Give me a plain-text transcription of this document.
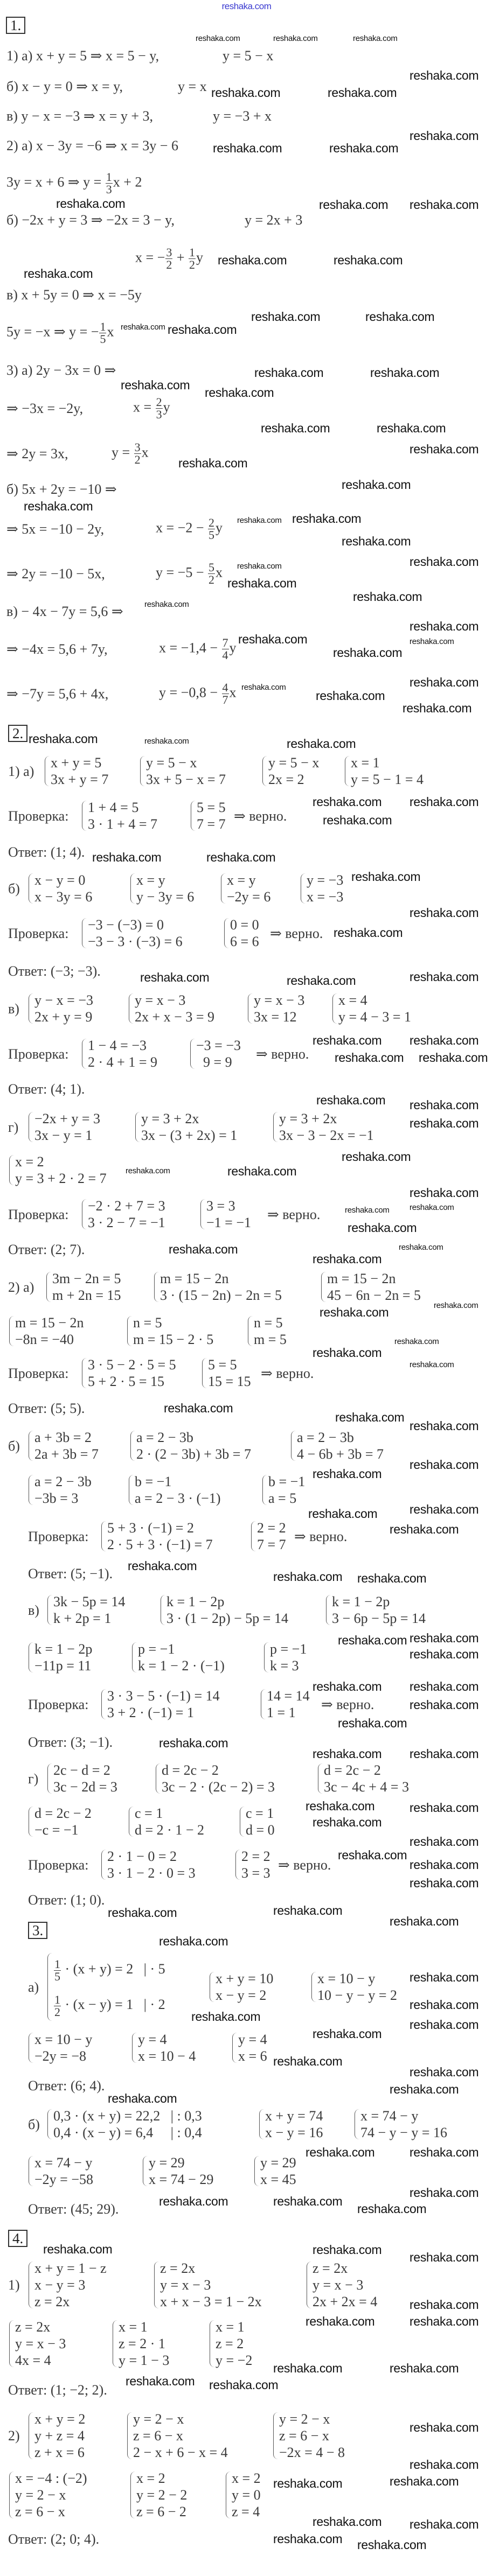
reshaka.com
1.
1) а) x + y = 5 ⇒ x = 5 − y,	y = 5 − x
б) x − y = 0 ⇒ x = y,	y = x
в) y − x = −3 ⇒ x = y + 3,	y = −3 + x
2) а) x − 3y = −6 ⇒ x = 3y − 6
3y = x + 6 ⇒ $y = \frac{1}{3}$ x + 2
б) −2x + y = 3 ⇒ −2x = 3 − y,	y = 2x + 3
x = − $\frac{3}{2} + \frac{1}{2}$ y
в) x + 5y = 0 ⇒ x = −5y
5y = −x ⇒ y = − $\frac{1}{5}$ x
3) а) 2y − 3x = 0 ⇒
⇒ −3x = −2y,	$x = \frac{2}{3}$ y
⇒ 2y = 3x,	$y = \frac{3}{2}$ x
б) 5x + 2y = −10 ⇒
⇒ 5x = −10 − 2y,	$x = -2 - \frac{2}{5}$ y
⇒ 2y = −10 − 5x,	$y = -5 - \frac{5}{2}$ x
в) − 4x − 7y = 5,6 ⇒
⇒ −4x = 5,6 + 7y,	$x = -1,4 - \frac{7}{4}$ y
⇒ −7y = 5,6 + 4x,	$y = -0,8 - \frac{4}{7}$ x
2.
1) а)
x + y = 5
3x + y = 7
y = 5 − x
3x + 5 − x = 7
y = 5 − x
2x = 2
x = 1
y = 5 − 1 = 4
Проверка:
1 + 4 = 5
3 · 1 + 4 = 7
5 = 5
7 = 7
⇒ верно.
Ответ: (1; 4).
б)
x − y = 0
x − 3y = 6
x = y
y − 3y = 6
x = y
−2y = 6
y = −3
x = −3
Проверка:
−3 − (−3) = 0
−3 − 3 · (−3) = 6
0 = 0
6 = 6
⇒ верно.
Ответ: (−3; −3).
в)
y − x = −3
2x + y = 9
y = x − 3
2x + x − 3 = 9
y = x − 3
3x = 12
x = 4
y = 4 − 3 = 1
Проверка:
1 − 4 = −3
2 · 4 + 1 = 9
−3 = −3
9 = 9
⇒ верно.
Ответ: (4; 1).
г)
−2x + y = 3
3x − y = 1
y = 3 + 2x
3x − (3 + 2x) = 1
y = 3 + 2x
3x − 3 − 2x = −1
x = 2
y = 3 + 2 · 2 = 7
Проверка:
−2 · 2 + 7 = 3
3 · 2 − 7 = −1
3 = 3
−1 = −1
⇒ верно.
Ответ: (2; 7).
2) а)
3m − 2n = 5
m + 2n = 15
m = 15 − 2n
3 · (15 − 2n) − 2n = 5
m = 15 − 2n
45 − 6n − 2n = 5
m = 15 − 2n
−8n = −40
n = 5
m = 15 − 2 · 5
n = 5
m = 5
Проверка:
3 · 5 − 2 · 5 = 5
5 + 2 · 5 = 15
5 = 5
15 = 15
⇒ верно.
Ответ: (5; 5).
б)
a + 3b = 2
2a + 3b = 7
a = 2 − 3b
2 · (2 − 3b) + 3b = 7
a = 2 − 3b
4 − 6b + 3b = 7
a = 2 − 3b
−3b = 3
b = −1
a = 2 − 3 · (−1)
b = −1
a = 5
Проверка:
5 + 3 · (−1) = 2
2 · 5 + 3 · (−1) = 7
2 = 2
7 = 7
⇒ верно.
Ответ: (5; −1).
в)
3k − 5p = 14
k + 2p = 1
k = 1 − 2p
3 · (1 − 2p) − 5p = 14
k = 1 − 2p
3 − 6p − 5p = 14
k = 1 − 2p
−11p = 11
p = −1
k = 1 − 2 · (−1)
p = −1
k = 3
Проверка:
3 · 3 − 5 · (−1) = 14
3 + 2 · (−1) = 1
14 = 14
1 = 1
⇒ верно.
Ответ: (3; −1).
г)
2c − d = 2
3c − 2d = 3
d = 2c − 2
3c − 2 · (2c − 2) = 3
d = 2c − 2
3c − 4c + 4 = 3
d = 2c − 2
−c = −1
c = 1
d = 2 · 1 − 2
c = 1
d = 0
Проверка:
2 · 1 − 0 = 2
3 · 1 − 2 · 0 = 3
2 = 2
3 = 3
⇒ верно.
Ответ: (1; 0).
3.
а)
$\frac{1}{5} \cdot (x + y) = 2$   | · 5
$\frac{1}{2} \cdot (x - y) = 1$   | · 2
x + y = 10
x − y = 2
x = 10 − y
10 − y − y = 2
x = 10 − y
−2y = −8
y = 4
x = 10 − 4
y = 4
x = 6
Ответ: (6; 4).
б)
0,3 · (x + y) = 22,2   | : 0,3
0,4 · (x − y) = 6,4     | : 0,4
x + y = 74
x − y = 16
x = 74 − y
74 − y − y = 16
x = 74 − y
−2y = −58
y = 29
x = 74 − 29
y = 29
x = 45
Ответ: (45; 29).
4.
1)
x + y = 1 − z
x − y = 3
z = 2x
z = 2x
y = x − 3
x + x − 3 = 1 − 2x
z = 2x
y = x − 3
2x + 2x = 4
z = 2x
y = x − 3
4x = 4
x = 1
z = 2 · 1
y = 1 − 3
x = 1
z = 2
y = −2
Ответ: (1; −2; 2).
2)
x + y = 2
y + z = 4
z + x = 6
y = 2 − x
z = 6 − x
2 − x + 6 − x = 4
y = 2 − x
z = 6 − x
−2x = 4 − 8
x = −4 : (−2)
y = 2 − x
z = 6 − x
x = 2
y = 2 − 2
z = 6 − 2
x = 2
y = 0
z = 4
Ответ: (2; 0; 4).
reshaka.com	reshaka.com	reshaka.com
reshaka.com
reshaka.com	reshaka.com
reshaka.com
reshaka.com	reshaka.com
reshaka.com
reshaka.com
reshaka.com
reshaka.com	reshaka.com
reshaka.com
reshaka.com	reshaka.com
reshaka.com reshaka.com
reshaka.com	reshaka.com
reshaka.com
reshaka.com
reshaka.com	reshaka.com
reshaka.com
reshaka.com
reshaka.com
reshaka.com
reshaka.com reshaka.com
reshaka.com
reshaka.com
reshaka.com
reshaka.com
reshaka.com
reshaka.com
reshaka.com
reshaka.com
reshaka.com
reshaka.com
reshaka.com
reshaka.com
reshaka.com
reshaka.com
reshaka.com	reshaka.com	reshaka.com
reshaka.com
reshaka.com
reshaka.com
reshaka.com	reshaka.com
reshaka.com
reshaka.com
reshaka.com
reshaka.com	reshaka.com
reshaka.com
reshaka.com
reshaka.com
reshaka.com reshaka.com
reshaka.com reshaka.com
reshaka.com
reshaka.com
reshaka.com	reshaka.com
reshaka.com
reshaka.com
reshaka.com
reshaka.com
reshaka.com	reshaka.com
reshaka.com
reshaka.com	reshaka.com
reshaka.com
reshaka.com
reshaka.com
reshaka.com
reshaka.com
reshaka.com
reshaka.com
reshaka.com
reshaka.com
reshaka.com
reshaka.com
reshaka.com
reshaka.com reshaka.com
reshaka.com
reshaka.com
reshaka.com
reshaka.com
reshaka.com
reshaka.com
reshaka.com
reshaka.com
reshaka.com
reshaka.com
reshaka.com
reshaka.com
reshaka.com
reshaka.com
reshaka.com
reshaka.com
reshaka.com
reshaka.com	reshaka.com
reshaka.com
reshaka.com
reshaka.com
reshaka.com
reshaka.com
reshaka.com
reshaka.com
reshaka.com
reshaka.com
reshaka.com
reshaka.com
reshaka.com
reshaka.com
reshaka.com
reshaka.com	reshaka.com
reshaka.com
reshaka.com
reshaka.com
reshaka.com
reshaka.com
reshaka.com	reshaka.com
reshaka.com	reshaka.com
reshaka.com reshaka.com
reshaka.com
reshaka.com
reshaka.com	reshaka.com
reshaka.com
reshaka.com
reshaka.com reshaka.com
